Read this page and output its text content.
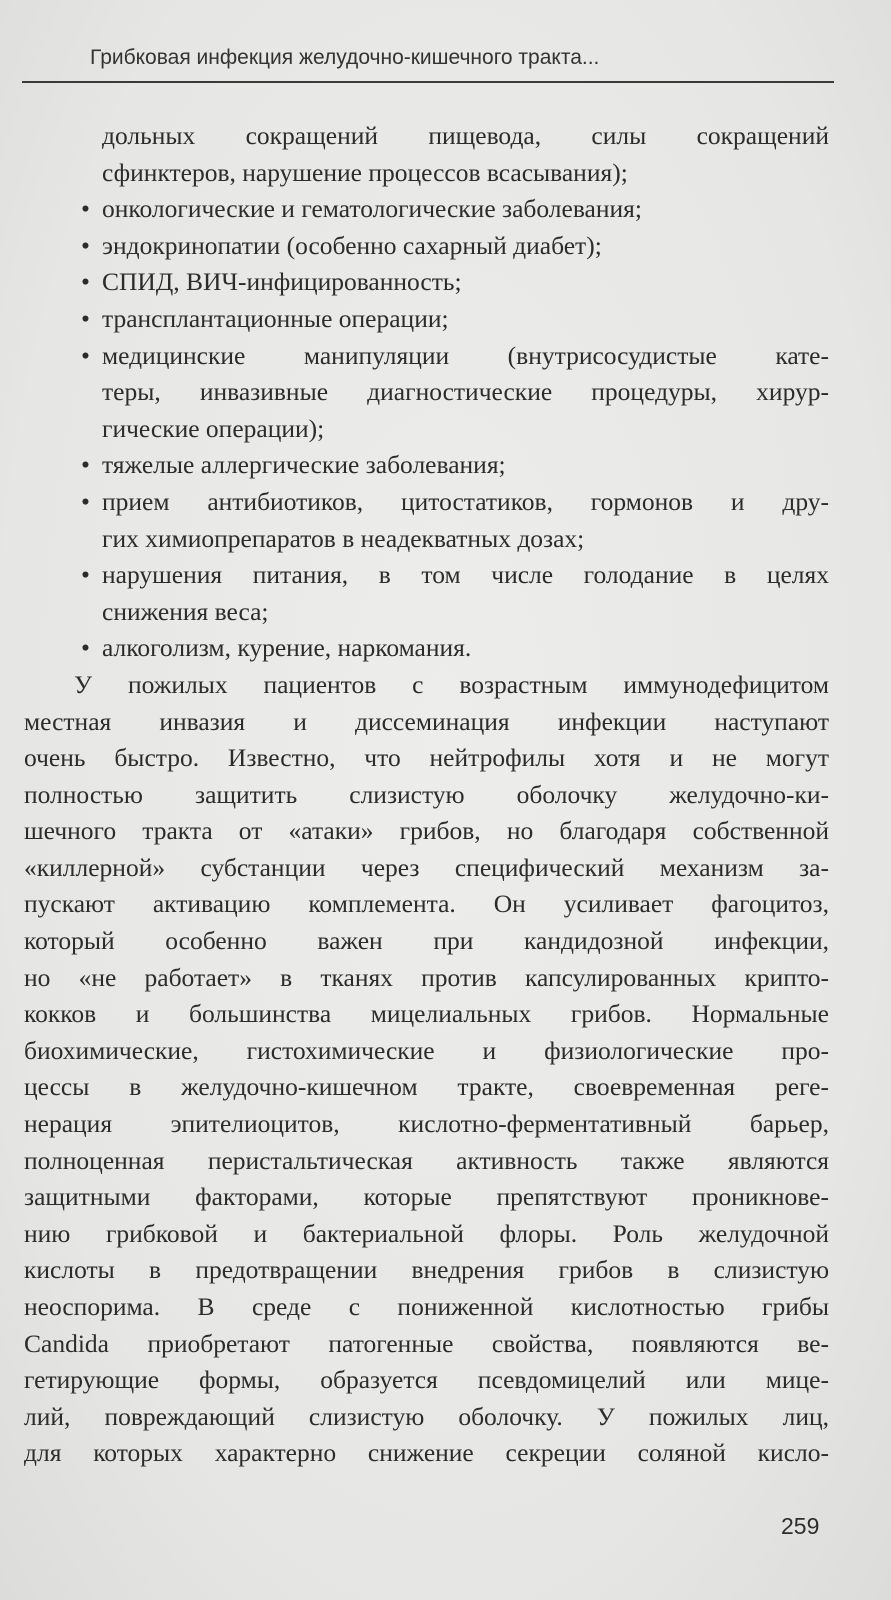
Грибковая инфекция желудочно-кишечного тракта...
дольных сокращений пищевода, силы сокращений
сфинктеров, нарушение процессов всасывания);
• онкологические и гематологические заболевания;
• эндокринопатии (особенно сахарный диабет);
• СПИД, ВИЧ-инфицированность;
• трансплантационные операции;
• медицинские манипуляции (внутрисосудистые кате-
теры, инвазивные диагностические процедуры, хирур-
гические операции);
• тяжелые аллергические заболевания;
• прием антибиотиков, цитостатиков, гормонов и дру-
гих химиопрепаратов в неадекватных дозах;
• нарушения питания, в том числе голодание в целях
снижения веса;
• алкоголизм, курение, наркомания.
У пожилых пациентов с возрастным иммунодефицитом
местная инвазия и диссеминация инфекции наступают
очень быстро. Известно, что нейтрофилы хотя и не могут
полностью защитить слизистую оболочку желудочно-ки-
шечного тракта от «атаки» грибов, но благодаря собственной
«киллерной» субстанции через специфический механизм за-
пускают активацию комплемента. Он усиливает фагоцитоз,
который особенно важен при кандидозной инфекции,
но «не работает» в тканях против капсулированных крипто-
кокков и большинства мицелиальных грибов. Нормальные
биохимические, гистохимические и физиологические про-
цессы в желудочно-кишечном тракте, своевременная реге-
нерация эпителиоцитов, кислотно-ферментативный барьер,
полноценная перистальтическая активность также являются
защитными факторами, которые препятствуют проникнове-
нию грибковой и бактериальной флоры. Роль желудочной
кислоты в предотвращении внедрения грибов в слизистую
неоспорима. В среде с пониженной кислотностью грибы
Candida приобретают патогенные свойства, появляются ве-
гетирующие формы, образуется псевдомицелий или мице-
лий, повреждающий слизистую оболочку. У пожилых лиц,
для которых характерно снижение секреции соляной кисло-
259
